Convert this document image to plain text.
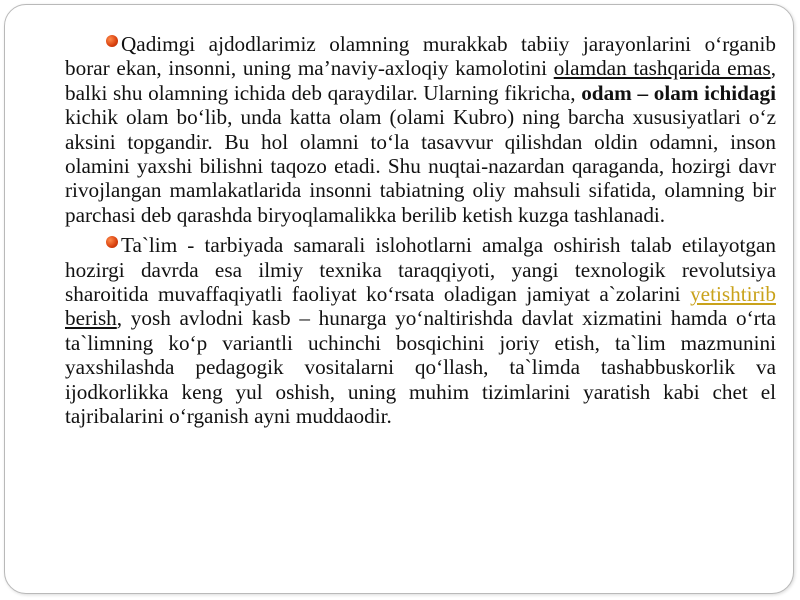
Qadimgi ajdodlarimiz olamning murakkab tabiiy jarayonlarini o‘rganib borar ekan, insonni, uning ma’naviy-axloqiy kamolotini olamdan tashqarida emas, balki shu olamning ichida deb qaraydilar. Ularning fikricha, odam – olam ichidagi kichik olam bo‘lib, unda katta olam (olami Kubro) ning barcha xususiyatlari o‘z aksini topgandir. Bu hol olamni to‘la tasavvur qilishdan oldin odamni, inson olamini yaxshi bilishni taqozo etadi. Shu nuqtai-nazardan qaraganda, hozirgi davr rivojlangan mamlakatlarida insonni tabiatning oliy mahsuli sifatida, olamning bir parchasi deb qarashda biryoqlamalikka berilib ketish kuzga tashlanadi.

Ta`lim - tarbiyada samarali islohotlarni amalga oshirish talab etilayotgan hozirgi davrda esa ilmiy texnika taraqqiyoti, yangi texnologik revolutsiya sharoitida muvaffaqiyatli faoliyat ko‘rsata oladigan jamiyat a`zolarini yetishtirib berish, yosh avlodni kasb – hunarga yo‘naltirishda davlat xizmatini hamda o‘rta ta`limning ko‘p variantli uchinchi bosqichini joriy etish, ta`lim mazmunini yaxshilashda pedagogik vositalarni qo‘llash, ta`limda tashabbuskorlik va ijodkorlikka keng yul oshish, uning muhim tizimlarini yaratish kabi chet el tajribalarini o‘rganish ayni muddaodir.
